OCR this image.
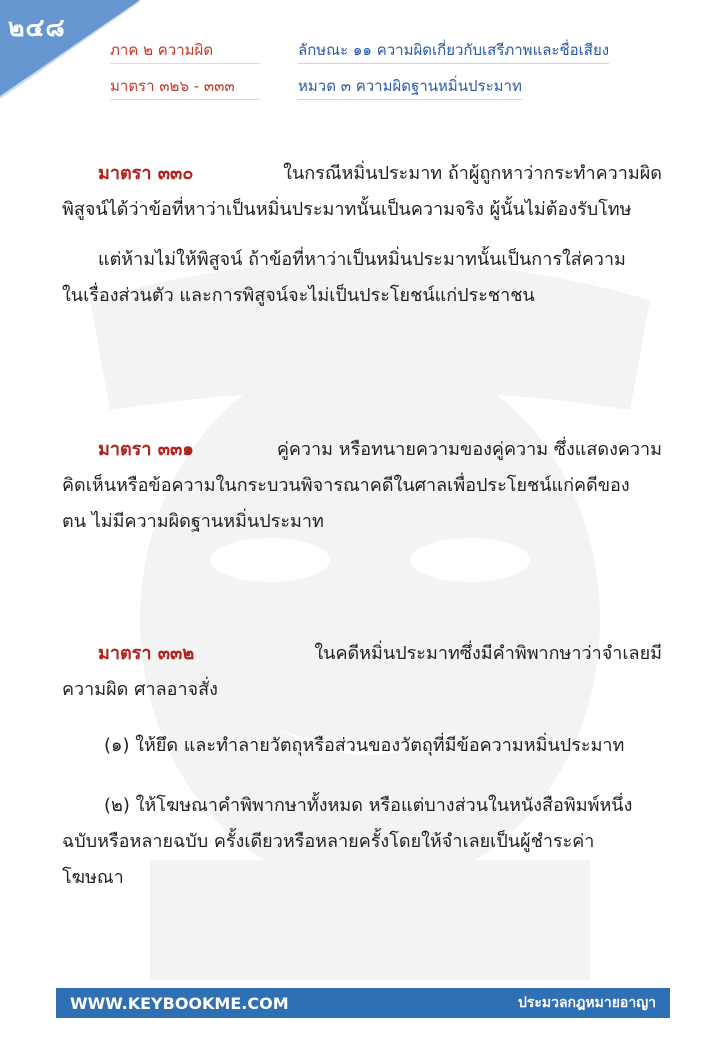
๒๔๘
ภาค ๒ ความผิด	ลักษณะ ๑๑ ความผิดเกี่ยวกับเสรีภาพและชื่อเสียง
มาตรา ๓๒๖ - ๓๓๓	หมวด ๓ ความผิดฐานหมิ่นประมาท
มาตรา ๓๓๐	ในกรณีหมิ่นประมาท ถ้าผู้ถูกหาว่ากระทำความผิด
พิสูจน์ได้ว่าข้อที่หาว่าเป็นหมิ่นประมาทนั้นเป็นความจริง ผู้นั้นไม่ต้องรับโทษ
แต่ห้ามไม่ให้พิสูจน์ ถ้าข้อที่หาว่าเป็นหมิ่นประมาทนั้นเป็นการใส่ความ
ในเรื่องส่วนตัว และการพิสูจน์จะไม่เป็นประโยชน์แก่ประชาชน
มาตรา ๓๓๑	คู่ความ หรือทนายความของคู่ความ ซึ่งแสดงความ
คิดเห็นหรือข้อความในกระบวนพิจารณาคดีในศาลเพื่อประโยชน์แก่คดีของ
ตน ไม่มีความผิดฐานหมิ่นประมาท
มาตรา ๓๓๒	ในคดีหมิ่นประมาทซึ่งมีคำพิพากษาว่าจำเลยมี
ความผิด ศาลอาจสั่ง
(๑) ให้ยึด และทำลายวัตถุหรือส่วนของวัตถุที่มีข้อความหมิ่นประมาท
(๒) ให้โฆษณาคำพิพากษาทั้งหมด หรือแต่บางส่วนในหนังสือพิมพ์หนึ่ง
ฉบับหรือหลายฉบับ ครั้งเดียวหรือหลายครั้งโดยให้จำเลยเป็นผู้ชำระค่า
โฆษณา
WWW.KEYBOOKME.COM	ประมวลกฎหมายอาญา
